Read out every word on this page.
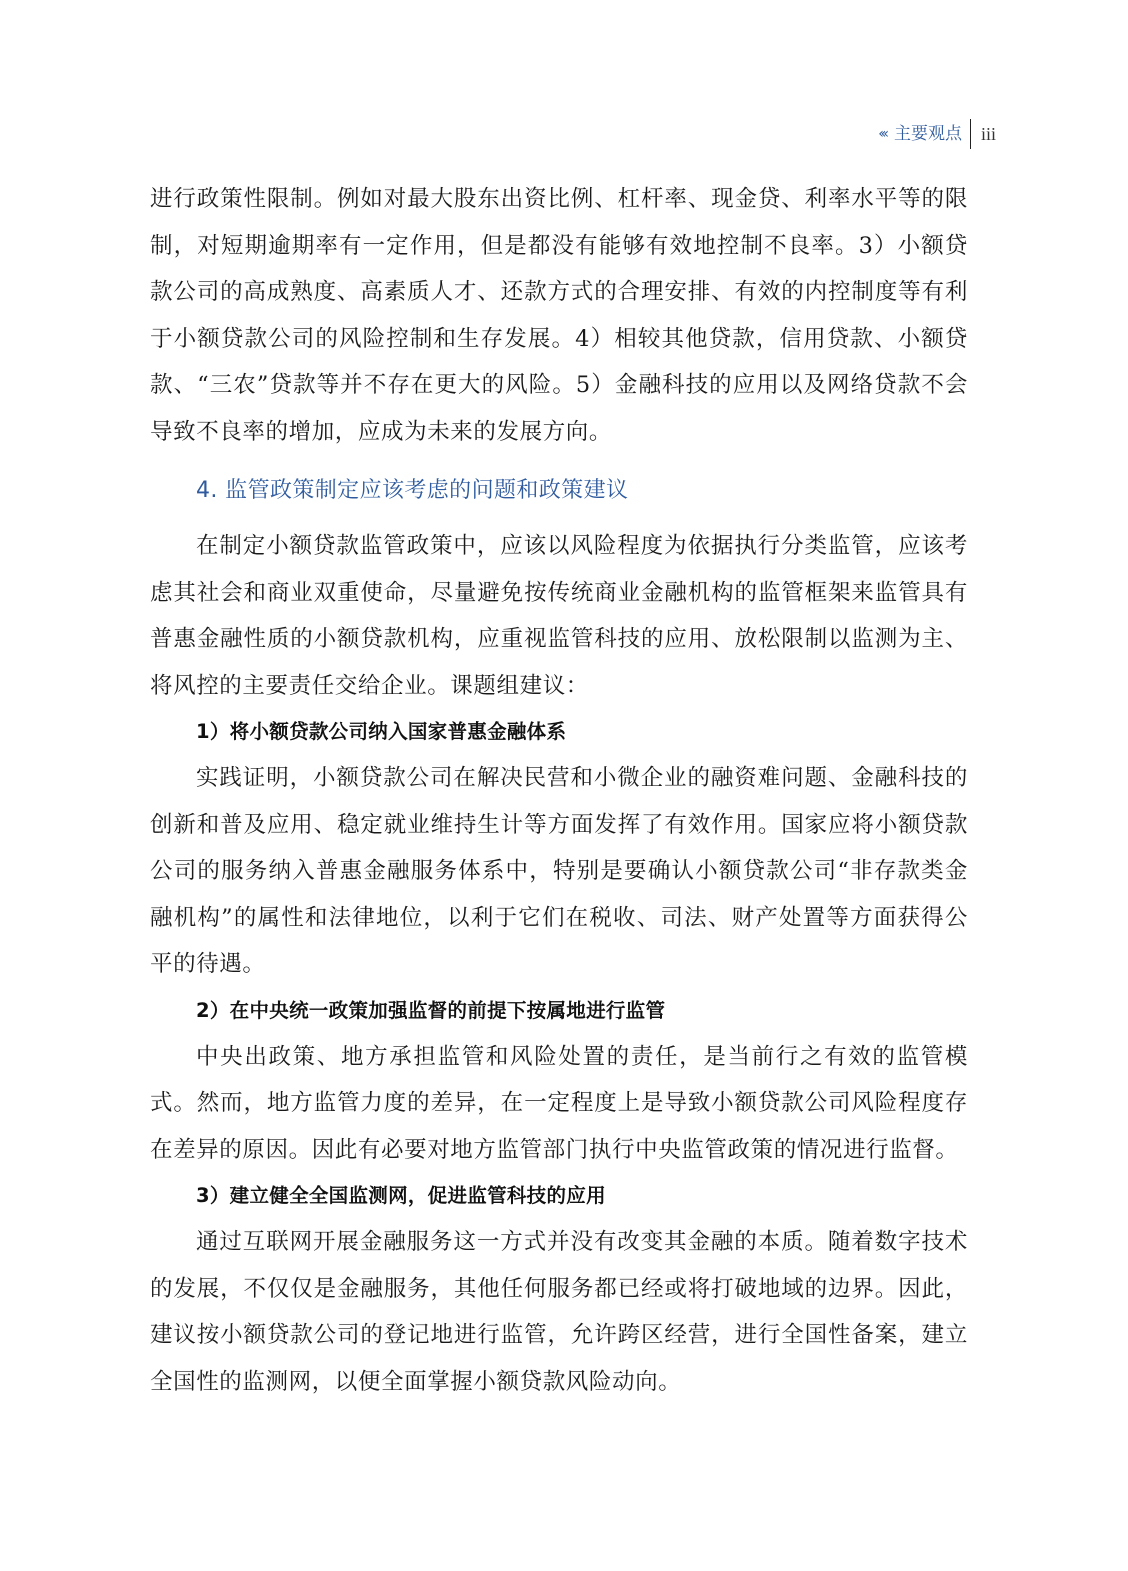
‹‹‹ 主要观点 iii

进行政策性限制。例如对最大股东出资比例、杠杆率、现金贷、利率水平等的限制，对短期逾期率有一定作用，但是都没有能够有效地控制不良率。3）小额贷款公司的高成熟度、高素质人才、还款方式的合理安排、有效的内控制度等有利于小额贷款公司的风险控制和生存发展。4）相较其他贷款，信用贷款、小额贷款、“三农”贷款等并不存在更大的风险。5）金融科技的应用以及网络贷款不会导致不良率的增加，应成为未来的发展方向。

4. 监管政策制定应该考虑的问题和政策建议

在制定小额贷款监管政策中，应该以风险程度为依据执行分类监管，应该考虑其社会和商业双重使命，尽量避免按传统商业金融机构的监管框架来监管具有普惠金融性质的小额贷款机构，应重视监管科技的应用、放松限制以监测为主、将风控的主要责任交给企业。课题组建议：

1）将小额贷款公司纳入国家普惠金融体系

实践证明，小额贷款公司在解决民营和小微企业的融资难问题、金融科技的创新和普及应用、稳定就业维持生计等方面发挥了有效作用。国家应将小额贷款公司的服务纳入普惠金融服务体系中，特别是要确认小额贷款公司“非存款类金融机构”的属性和法律地位，以利于它们在税收、司法、财产处置等方面获得公平的待遇。

2）在中央统一政策加强监督的前提下按属地进行监管

中央出政策、地方承担监管和风险处置的责任，是当前行之有效的监管模式。然而，地方监管力度的差异，在一定程度上是导致小额贷款公司风险程度存在差异的原因。因此有必要对地方监管部门执行中央监管政策的情况进行监督。

3）建立健全全国监测网，促进监管科技的应用

通过互联网开展金融服务这一方式并没有改变其金融的本质。随着数字技术的发展，不仅仅是金融服务，其他任何服务都已经或将打破地域的边界。因此，建议按小额贷款公司的登记地进行监管，允许跨区经营，进行全国性备案，建立全国性的监测网，以便全面掌握小额贷款风险动向。
